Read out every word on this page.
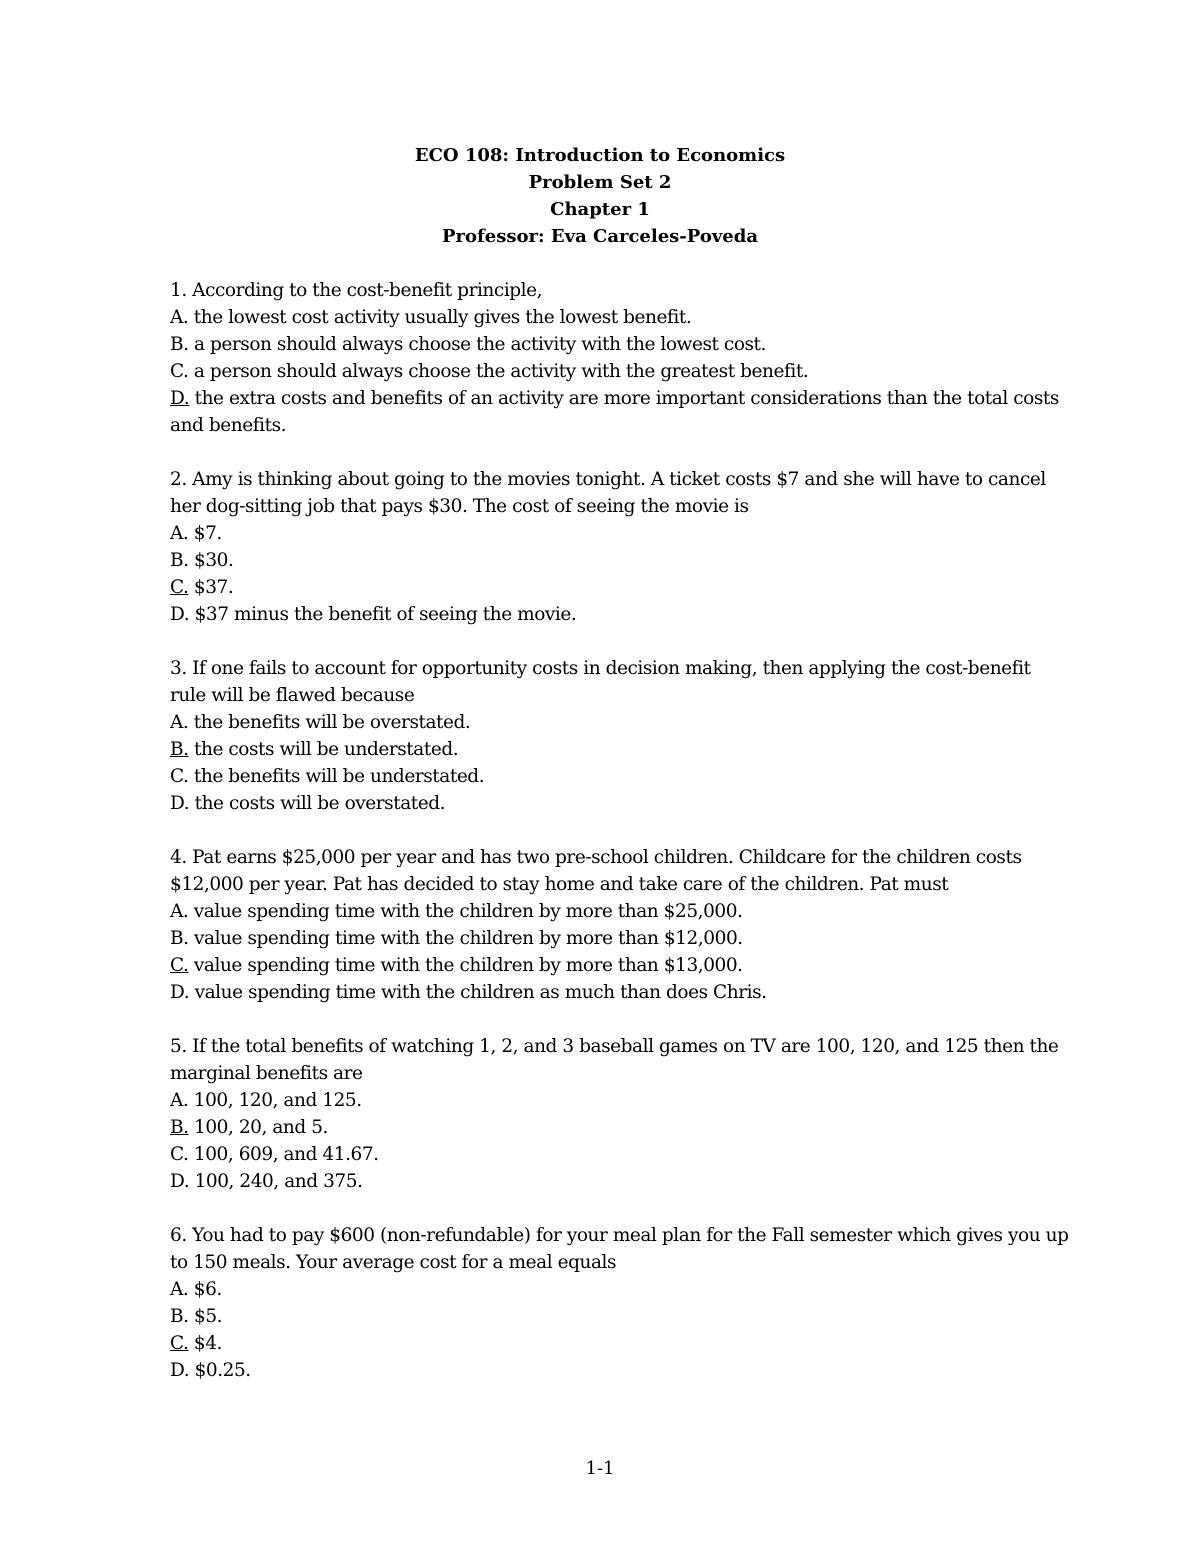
ECO 108: Introduction to Economics
Problem Set 2
Chapter 1
Professor: Eva Carceles-Poveda
1. According to the cost-benefit principle,
A. the lowest cost activity usually gives the lowest benefit.
B. a person should always choose the activity with the lowest cost.
C. a person should always choose the activity with the greatest benefit.
D. the extra costs and benefits of an activity are more important considerations than the total costs and benefits.
2. Amy is thinking about going to the movies tonight. A ticket costs $7 and she will have to cancel her dog-sitting job that pays $30. The cost of seeing the movie is
A. $7.
B. $30.
C. $37.
D. $37 minus the benefit of seeing the movie.
3. If one fails to account for opportunity costs in decision making, then applying the cost-benefit rule will be flawed because
A. the benefits will be overstated.
B. the costs will be understated.
C. the benefits will be understated.
D. the costs will be overstated.
4. Pat earns $25,000 per year and has two pre-school children. Childcare for the children costs $12,000 per year. Pat has decided to stay home and take care of the children. Pat must
A. value spending time with the children by more than $25,000.
B. value spending time with the children by more than $12,000.
C. value spending time with the children by more than $13,000.
D. value spending time with the children as much than does Chris.
5. If the total benefits of watching 1, 2, and 3 baseball games on TV are 100, 120, and 125 then the marginal benefits are
A. 100, 120, and 125.
B. 100, 20, and 5.
C. 100, 609, and 41.67.
D. 100, 240, and 375.
6. You had to pay $600 (non-refundable) for your meal plan for the Fall semester which gives you up to 150 meals. Your average cost for a meal equals
A. $6.
B. $5.
C. $4.
D. $0.25.
1-1
